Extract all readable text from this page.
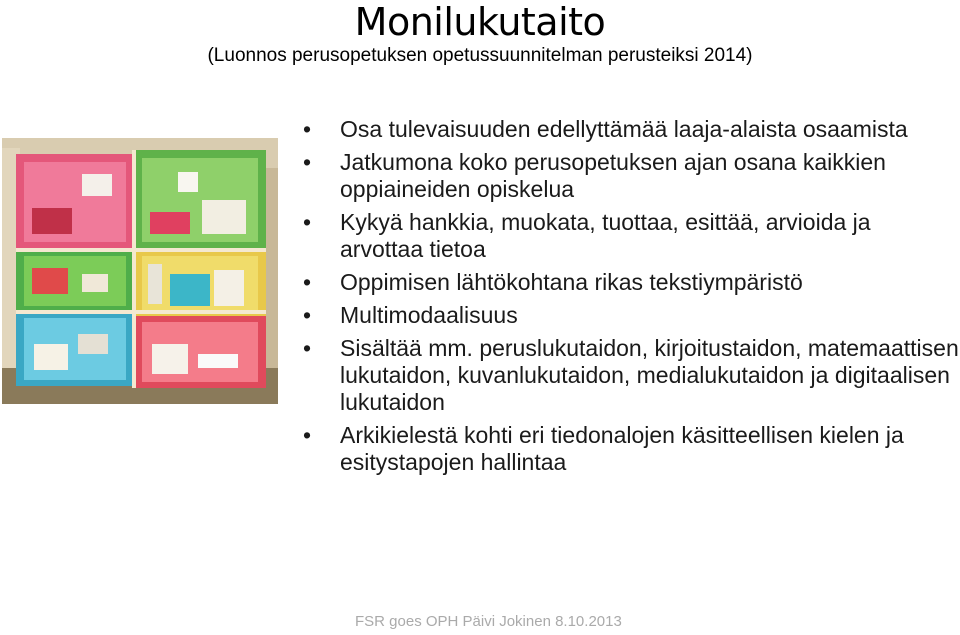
Monilukutaito

(Luonnos perusopetuksen opetussuunnitelman perusteiksi 2014)

• Osa tulevaisuuden edellyttämää laaja-alaista osaamista
• Jatkumona koko perusopetuksen ajan osana kaikkien oppiaineiden opiskelua
• Kykyä hankkia, muokata, tuottaa, esittää, arvioida ja arvottaa tietoa
• Oppimisen lähtökohtana rikas tekstiympäristö
• Multimodaalisuus
• Sisältää mm. peruslukutaidon, kirjoitustaidon, matemaattisen lukutaidon, kuvanlukutaidon, medialukutaidon ja digitaalisen lukutaidon
• Arkikielestä kohti eri tiedonalojen käsitteellisen kielen ja esitystapojen hallintaa
FSR goes OPH Päivi Jokinen 8.10.2013
